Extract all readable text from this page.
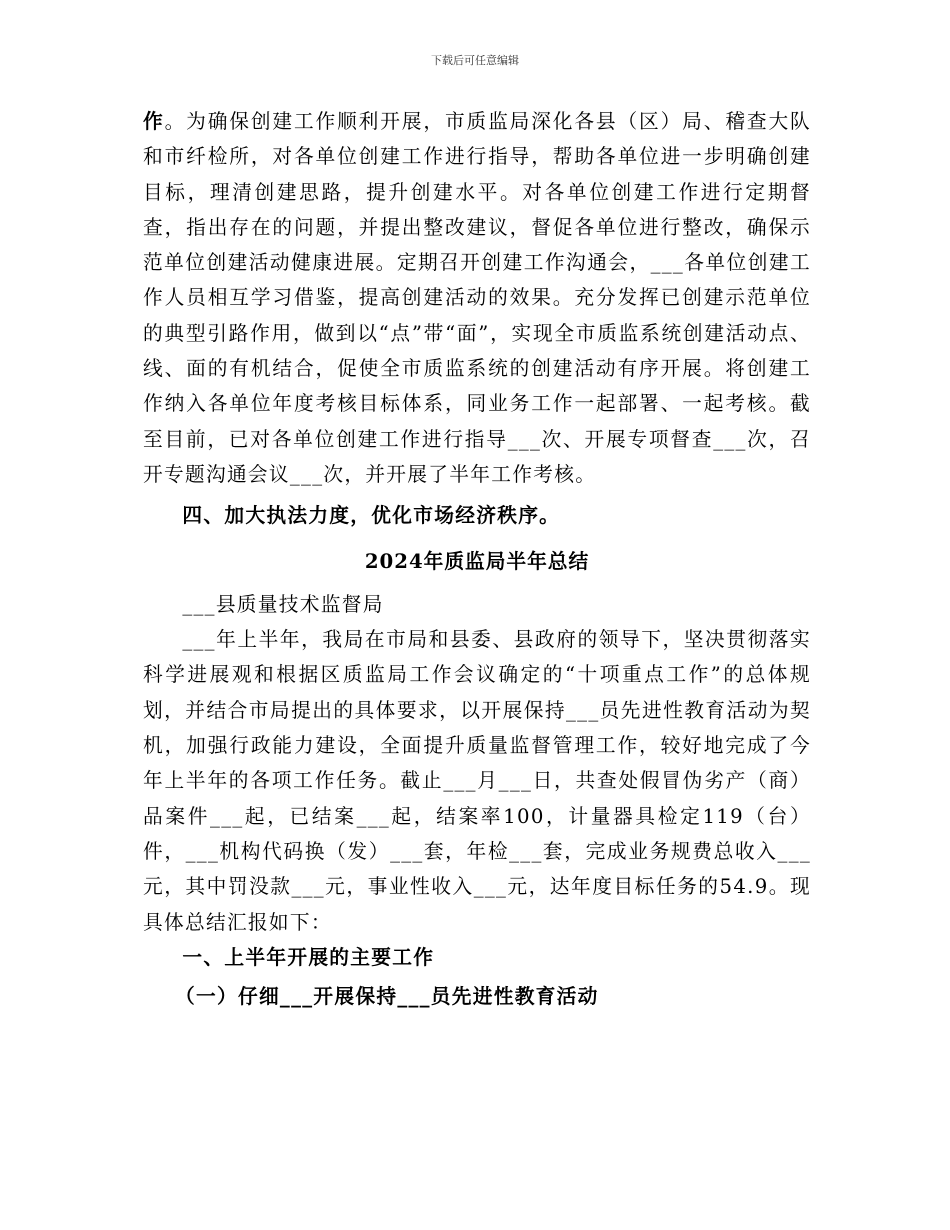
下载后可任意编辑

作。为确保创建工作顺利开展，市质监局深化各县（区）局、稽查大队和市纤检所，对各单位创建工作进行指导，帮助各单位进一步明确创建目标，理清创建思路，提升创建水平。对各单位创建工作进行定期督查，指出存在的问题，并提出整改建议，督促各单位进行整改，确保示范单位创建活动健康进展。定期召开创建工作沟通会，___各单位创建工作人员相互学习借鉴，提高创建活动的效果。充分发挥已创建示范单位的典型引路作用，做到以“点”带“面”，实现全市质监系统创建活动点、线、面的有机结合，促使全市质监系统的创建活动有序开展。将创建工作纳入各单位年度考核目标体系，同业务工作一起部署、一起考核。截至目前，已对各单位创建工作进行指导___次、开展专项督查___次，召开专题沟通会议___次，并开展了半年工作考核。

四、加大执法力度，优化市场经济秩序。

2024年质监局半年总结

___县质量技术监督局

___年上半年，我局在市局和县委、县政府的领导下，坚决贯彻落实科学进展观和根据区质监局工作会议确定的“十项重点工作”的总体规划，并结合市局提出的具体要求，以开展保持___员先进性教育活动为契机，加强行政能力建设，全面提升质量监督管理工作，较好地完成了今年上半年的各项工作任务。截止___月___日，共查处假冒伪劣产（商）品案件___起，已结案___起，结案率100，计量器具检定119（台）件，___机构代码换（发）___套，年检___套，完成业务规费总收入___元，其中罚没款___元，事业性收入___元，达年度目标任务的54.9。现具体总结汇报如下：

一、上半年开展的主要工作

（一）仔细___开展保持___员先进性教育活动
